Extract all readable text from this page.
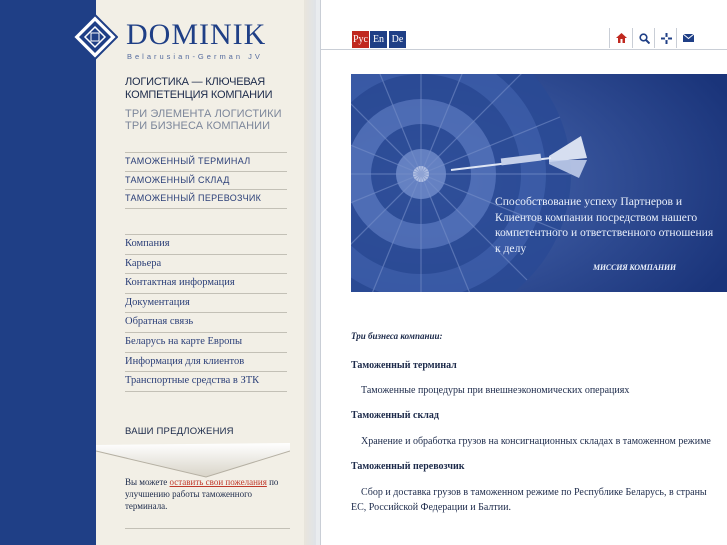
DOMINIK
Belarusian-German JV
ЛОГИСТИКА — КЛЮЧЕВАЯ КОМПЕТЕНЦИЯ КОМПАНИИ
ТРИ ЭЛЕМЕНТА ЛОГИСТИКИ ТРИ БИЗНЕСА КОМПАНИИ
ТАМОЖЕННЫЙ ТЕРМИНАЛ
ТАМОЖЕННЫЙ СКЛАД
ТАМОЖЕННЫЙ ПЕРЕВОЗЧИК
Компания
Карьера
Контактная информация
Документация
Обратная связь
Беларусь на карте Европы
Информация для клиентов
Транспортные средства в ЗТК
ВАШИ ПРЕДЛОЖЕНИЯ
Вы можете оставить свои пожелания по улучшению работы таможенного терминала.
Рус En De
Способствование успеху Партнеров и Клиентов компании посредством нашего компетентного и ответственного отношения к делу
МИССИЯ КОМПАНИИ
Три бизнеса компании:
Таможенный терминал
Таможенные процедуры при внешнеэкономических операциях
Таможенный склад
Хранение и обработка грузов на консигнационных складах в таможенном режиме
Таможенный перевозчик
Сбор и доставка грузов в таможенном режиме по Республике Беларусь, в страны ЕС, Российской Федерации и Балтии.
